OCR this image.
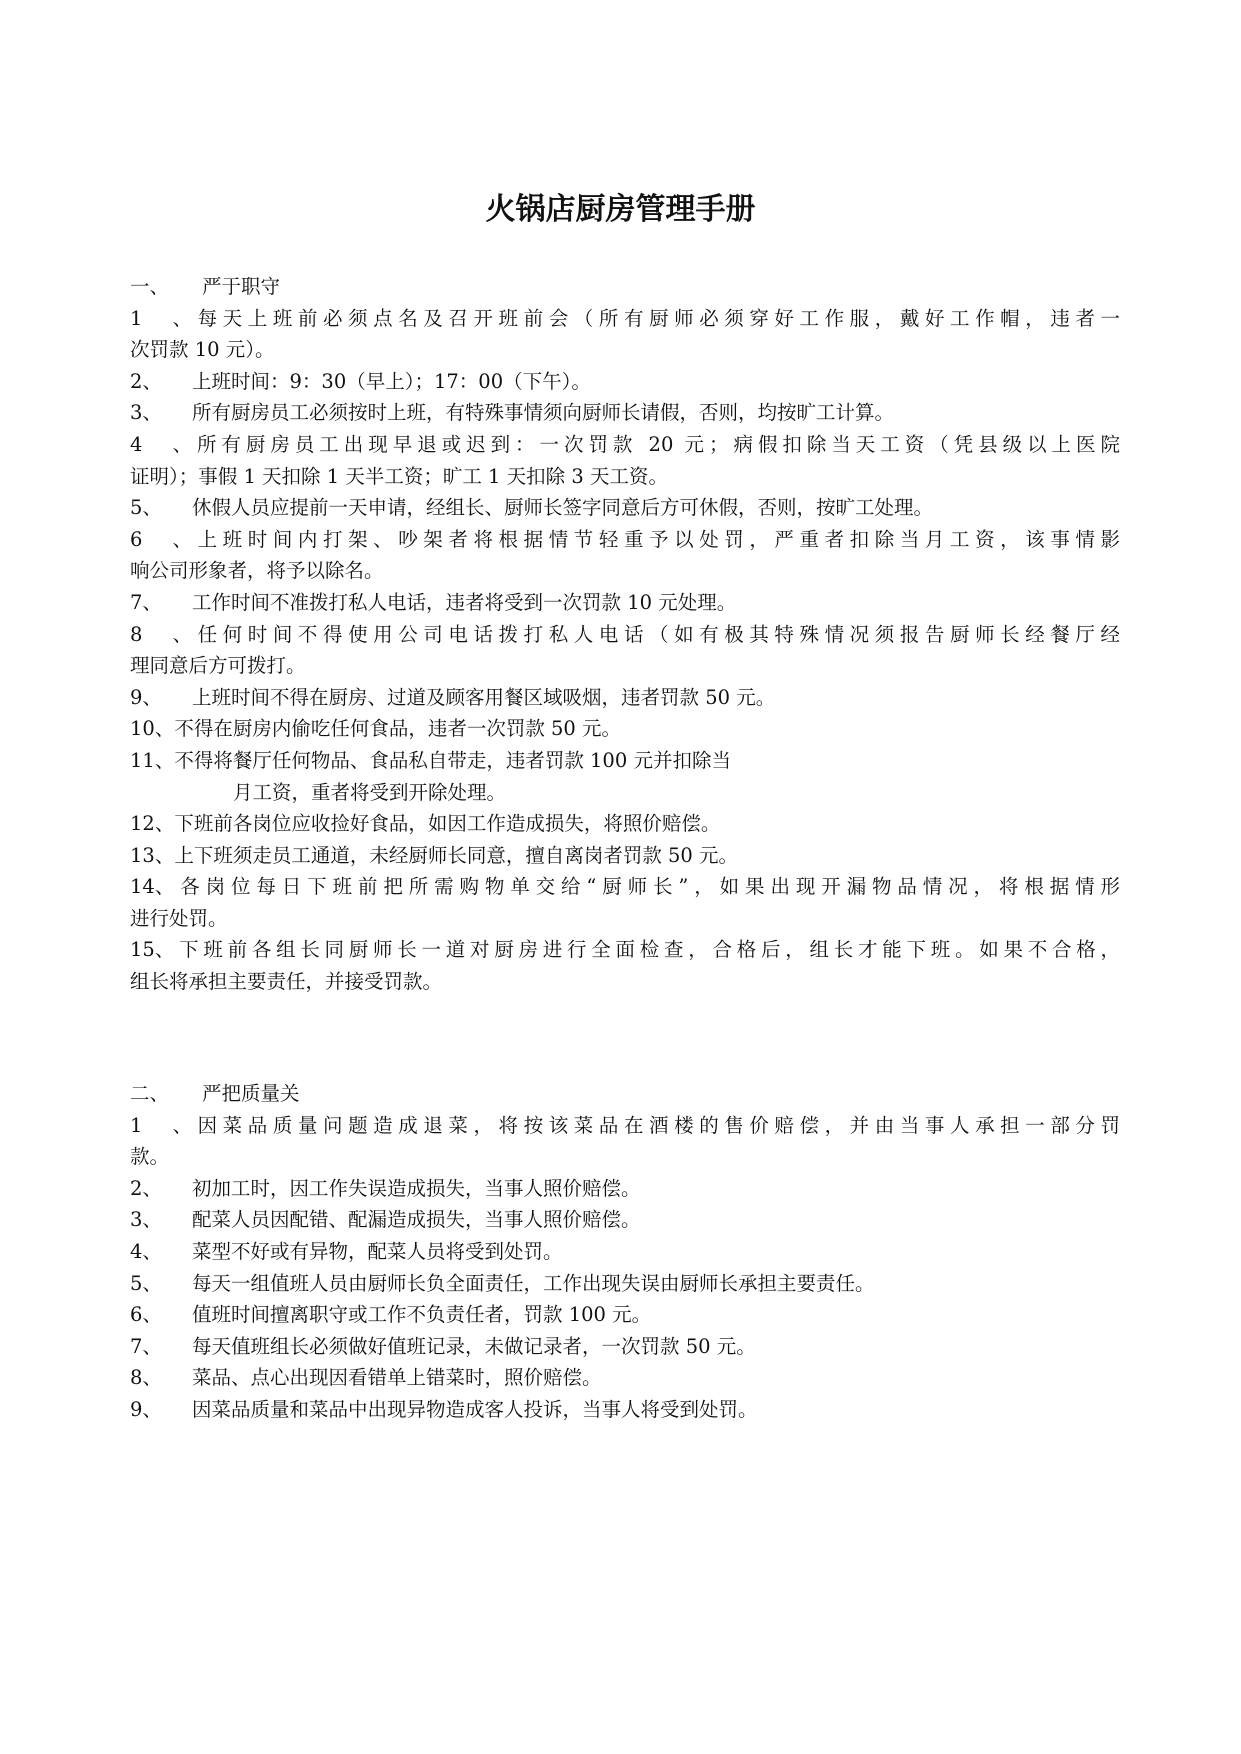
火锅店厨房管理手册
一、 严于职守
1、每天上班前必须点名及召开班前会（所有厨师必须穿好工作服，戴好工作帽，违者一
次罚款 10 元）。
2、 上班时间：9：30（早上）；17：00（下午）。
3、 所有厨房员工必须按时上班，有特殊事情须向厨师长请假，否则，均按旷工计算。
4、所有厨房员工出现早退或迟到：一次罚款 20 元；病假扣除当天工资（凭县级以上医院
证明）；事假 1 天扣除 1 天半工资；旷工 1 天扣除 3 天工资。
5、 休假人员应提前一天申请，经组长、厨师长签字同意后方可休假，否则，按旷工处理。
6、上班时间内打架、吵架者将根据情节轻重予以处罚，严重者扣除当月工资，该事情影
响公司形象者，将予以除名。
7、 工作时间不准拨打私人电话，违者将受到一次罚款 10 元处理。
8、任何时间不得使用公司电话拨打私人电话（如有极其特殊情况须报告厨师长经餐厅经
理同意后方可拨打。
9、 上班时间不得在厨房、过道及顾客用餐区域吸烟，违者罚款 50 元。
10、不得在厨房内偷吃任何食品，违者一次罚款 50 元。
11、不得将餐厅任何物品、食品私自带走，违者罚款 100 元并扣除当
月工资，重者将受到开除处理。
12、下班前各岗位应收捡好食品，如因工作造成损失，将照价赔偿。
13、上下班须走员工通道，未经厨师长同意，擅自离岗者罚款 50 元。
14、各岗位每日下班前把所需购物单交给“厨师长”，如果出现开漏物品情况，将根据情形
进行处罚。
15、下班前各组长同厨师长一道对厨房进行全面检查，合格后，组长才能下班。如果不合格，
组长将承担主要责任，并接受罚款。
二、 严把质量关
1、因菜品质量问题造成退菜，将按该菜品在酒楼的售价赔偿，并由当事人承担一部分罚
款。
2、 初加工时，因工作失误造成损失，当事人照价赔偿。
3、 配菜人员因配错、配漏造成损失，当事人照价赔偿。
4、 菜型不好或有异物，配菜人员将受到处罚。
5、 每天一组值班人员由厨师长负全面责任，工作出现失误由厨师长承担主要责任。
6、 值班时间擅离职守或工作不负责任者，罚款 100 元。
7、 每天值班组长必须做好值班记录，未做记录者，一次罚款 50 元。
8、 菜品、点心出现因看错单上错菜时，照价赔偿。
9、 因菜品质量和菜品中出现异物造成客人投诉，当事人将受到处罚。
